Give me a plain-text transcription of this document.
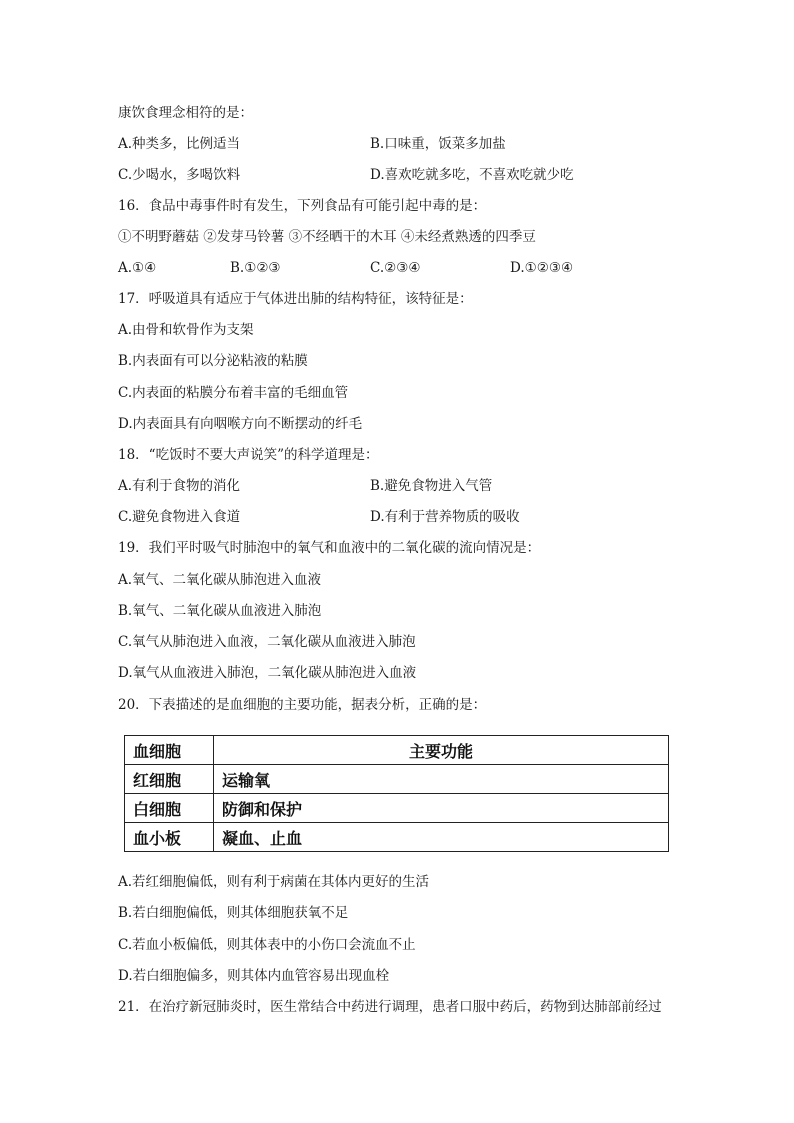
康饮食理念相符的是：
A.种类多，比例适当	B.口味重，饭菜多加盐
C.少喝水，多喝饮料	D.喜欢吃就多吃，不喜欢吃就少吃
16．食品中毒事件时有发生，下列食品有可能引起中毒的是：
①不明野蘑菇 ②发芽马铃薯 ③不经晒干的木耳 ④未经煮熟透的四季豆
A.①④	B.①②③	C.②③④	D.①②③④
17．呼吸道具有适应于气体进出肺的结构特征，该特征是：
A.由骨和软骨作为支架
B.内表面有可以分泌粘液的粘膜
C.内表面的粘膜分布着丰富的毛细血管
D.内表面具有向咽喉方向不断摆动的纤毛
18．“吃饭时不要大声说笑”的科学道理是：
A.有利于食物的消化	B.避免食物进入气管
C.避免食物进入食道	D.有利于营养物质的吸收
19．我们平时吸气时肺泡中的氧气和血液中的二氧化碳的流向情况是：
A.氧气、二氧化碳从肺泡进入血液
B.氧气、二氧化碳从血液进入肺泡
C.氧气从肺泡进入血液，二氧化碳从血液进入肺泡
D.氧气从血液进入肺泡，二氧化碳从肺泡进入血液
20．下表描述的是血细胞的主要功能，据表分析，正确的是：
血细胞	主要功能
红细胞	运输氧
白细胞	防御和保护
血小板	凝血、止血
A.若红细胞偏低，则有利于病菌在其体内更好的生活
B.若白细胞偏低，则其体细胞获氧不足
C.若血小板偏低，则其体表中的小伤口会流血不止
D.若白细胞偏多，则其体内血管容易出现血栓
21．在治疗新冠肺炎时，医生常结合中药进行调理，患者口服中药后，药物到达肺部前经过
